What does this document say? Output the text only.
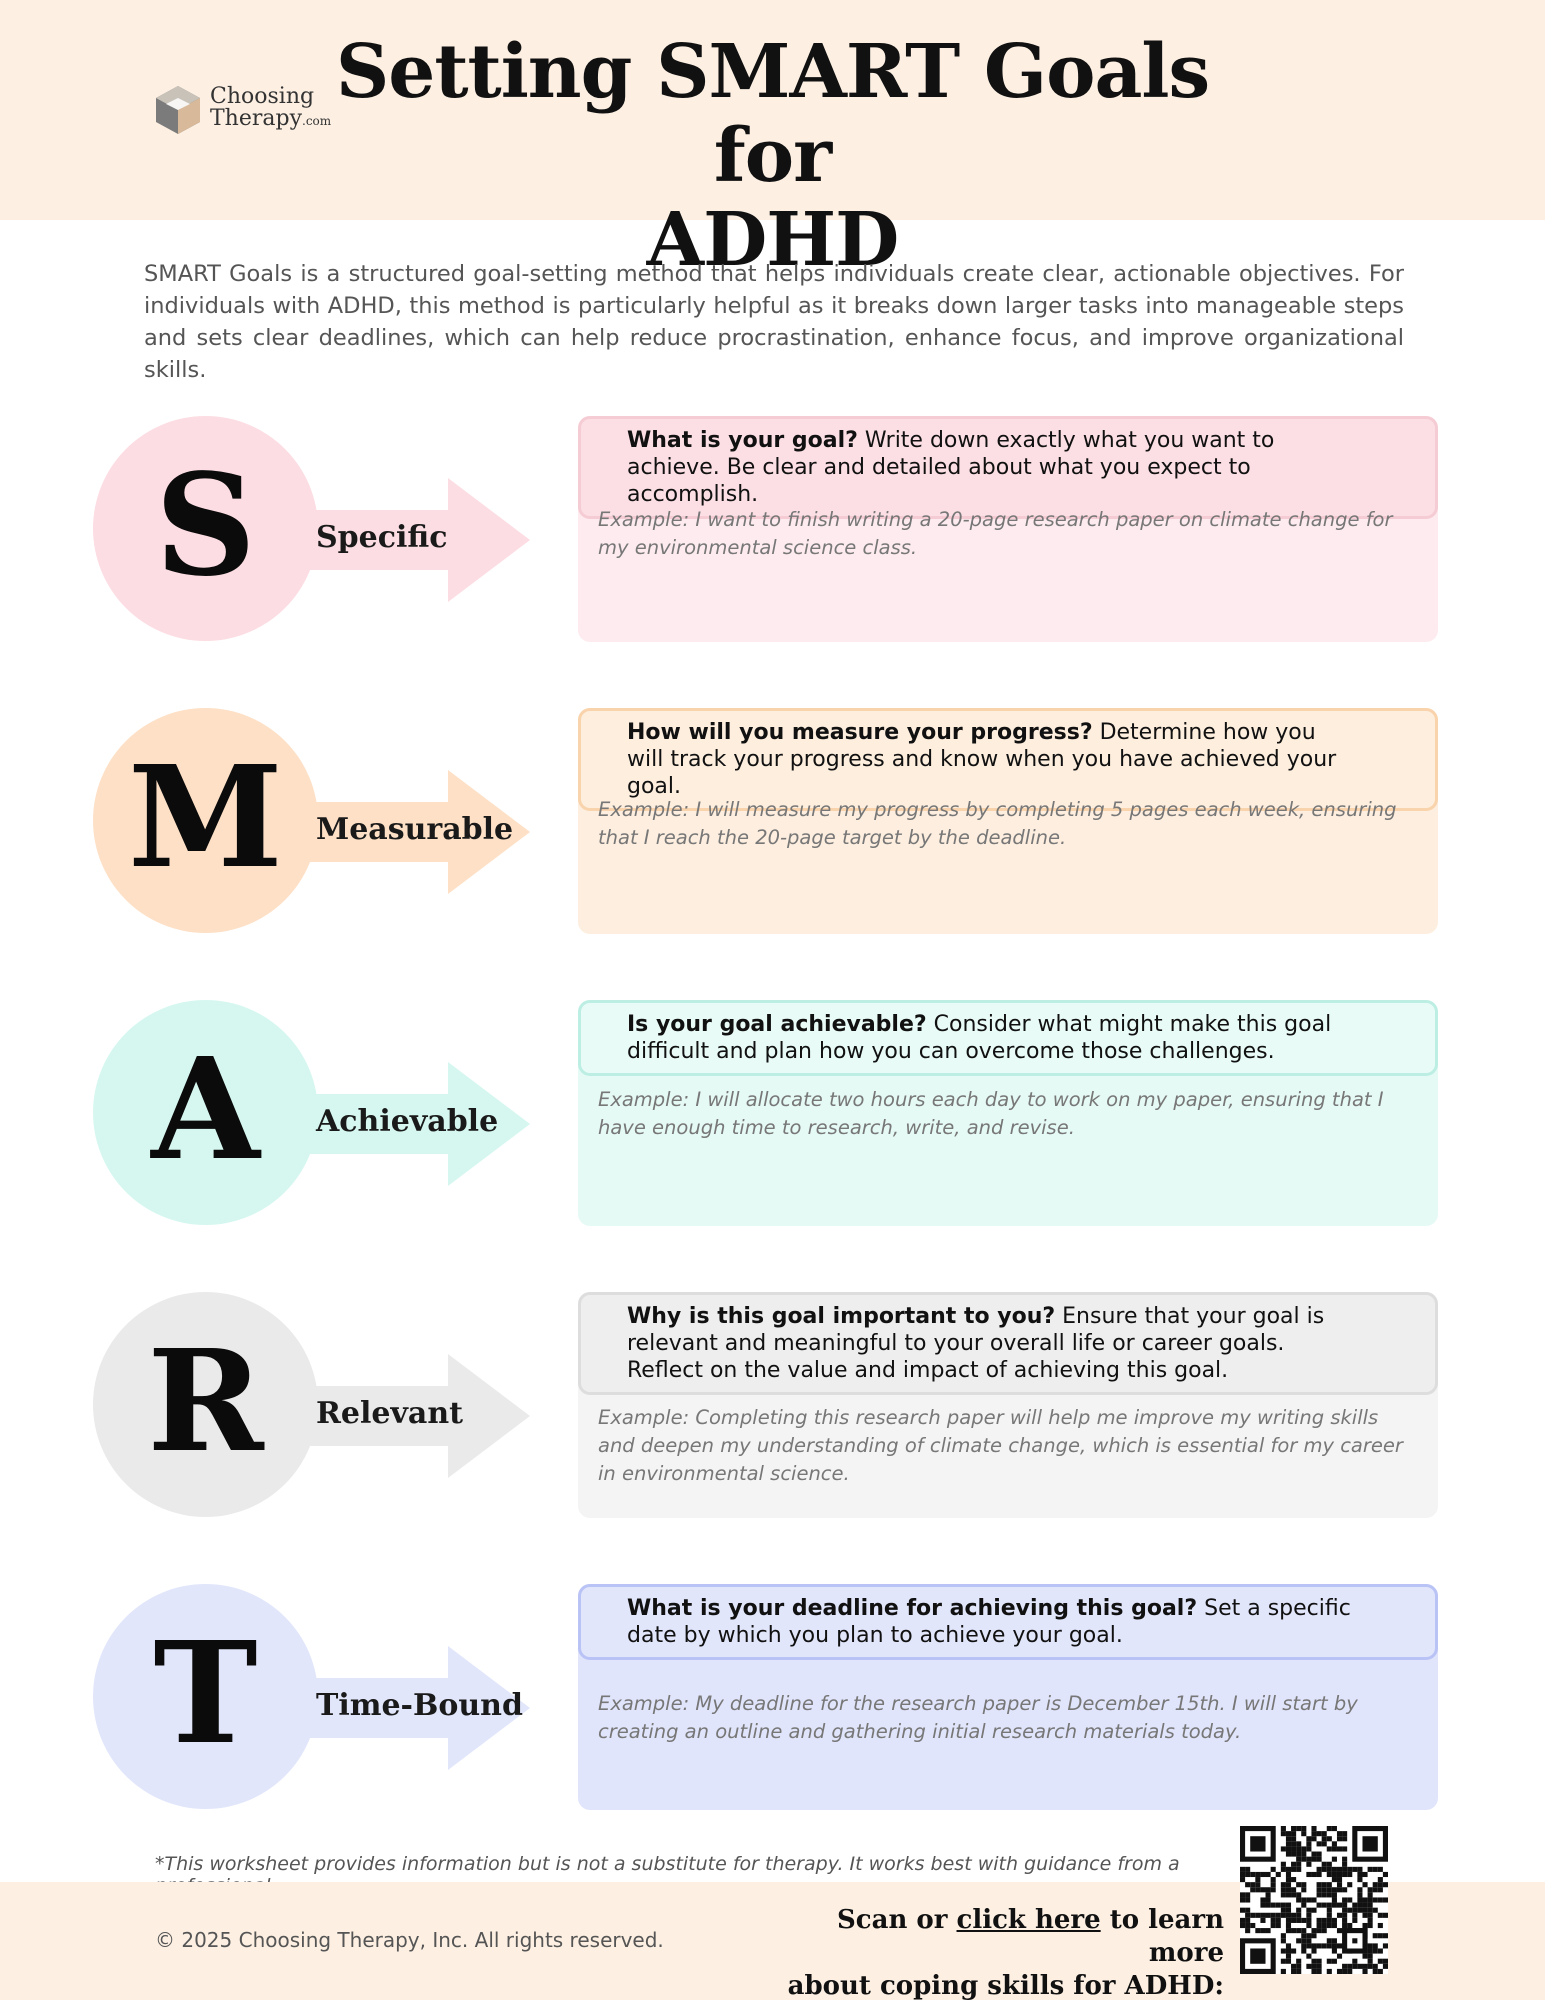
Choosing
Therapy.com
Setting SMART Goals for
ADHD

SMART Goals is a structured goal-setting method that helps individuals create clear, actionable objectives. For individuals with ADHD, this method is particularly helpful as it breaks down larger tasks into manageable steps and sets clear deadlines, which can help reduce procrastination, enhance focus, and improve organizational skills.

S	Specific
What is your goal? Write down exactly what you want to achieve. Be clear and detailed about what you expect to accomplish.
Example: I want to finish writing a 20-page research paper on climate change for my environmental science class.
M	Measurable
How will you measure your progress? Determine how you will track your progress and know when you have achieved your goal.
Example: I will measure my progress by completing 5 pages each week, ensuring that I reach the 20-page target by the deadline.
A	Achievable
Is your goal achievable? Consider what might make this goal difficult and plan how you can overcome those challenges.
Example: I will allocate two hours each day to work on my paper, ensuring that I have enough time to research, write, and revise.
R	Relevant
Why is this goal important to you? Ensure that your goal is relevant and meaningful to your overall life or career goals. Reflect on the value and impact of achieving this goal.
Example: Completing this research paper will help me improve my writing skills and deepen my understanding of climate change, which is essential for my career in environmental science.
T	Time-Bound
What is your deadline for achieving this goal? Set a specific date by which you plan to achieve your goal.
Example: My deadline for the research paper is December 15th. I will start by creating an outline and gathering initial research materials today.
*This worksheet provides information but is not a substitute for therapy. It works best with guidance from a
© 2025 Choosing Therapy, Inc. All rights reserved.
Scan or click here to learn more
about coping skills for ADHD:
